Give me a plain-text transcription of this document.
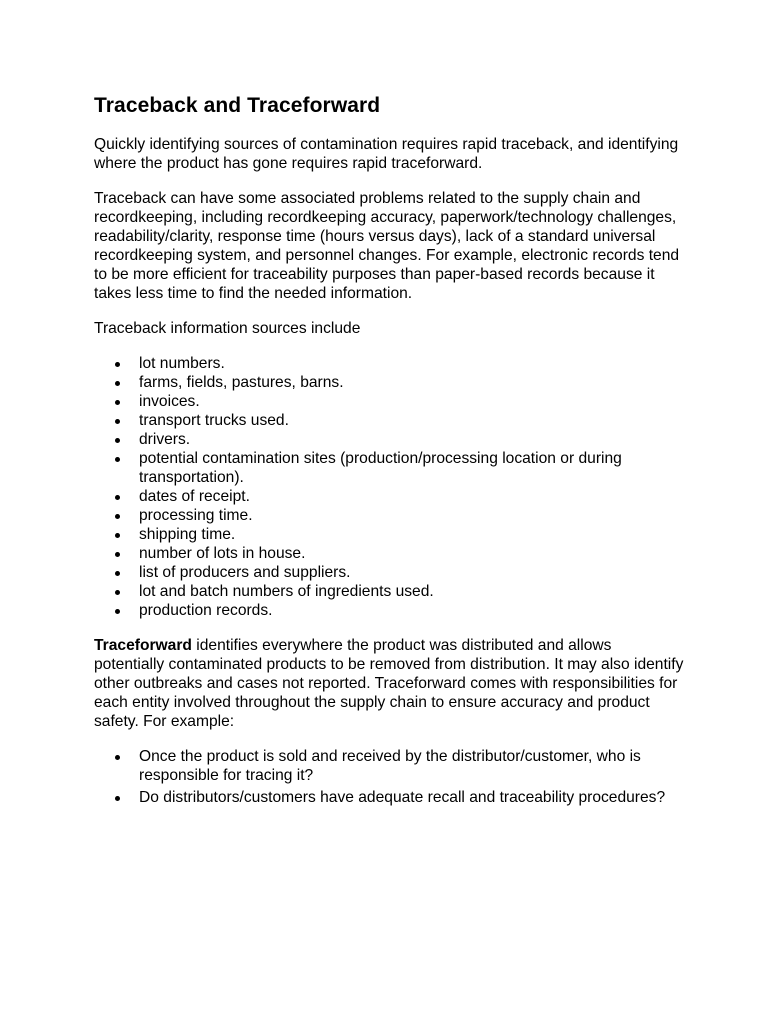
Traceback and Traceforward

Quickly identifying sources of contamination requires rapid traceback, and identifying where the product has gone requires rapid traceforward.

Traceback can have some associated problems related to the supply chain and recordkeeping, including recordkeeping accuracy, paperwork/technology challenges, readability/clarity, response time (hours versus days), lack of a standard universal recordkeeping system, and personnel changes. For example, electronic records tend to be more efficient for traceability purposes than paper-based records because it takes less time to find the needed information.

Traceback information sources include

lot numbers.
farms, fields, pastures, barns.
invoices.
transport trucks used.
drivers.
potential contamination sites (production/processing location or during transportation).
dates of receipt.
processing time.
shipping time.
number of lots in house.
list of producers and suppliers.
lot and batch numbers of ingredients used.
production records.

Traceforward identifies everywhere the product was distributed and allows potentially contaminated products to be removed from distribution. It may also identify other outbreaks and cases not reported. Traceforward comes with responsibilities for each entity involved throughout the supply chain to ensure accuracy and product safety. For example:

Once the product is sold and received by the distributor/customer, who is responsible for tracing it?
Do distributors/customers have adequate recall and traceability procedures?
